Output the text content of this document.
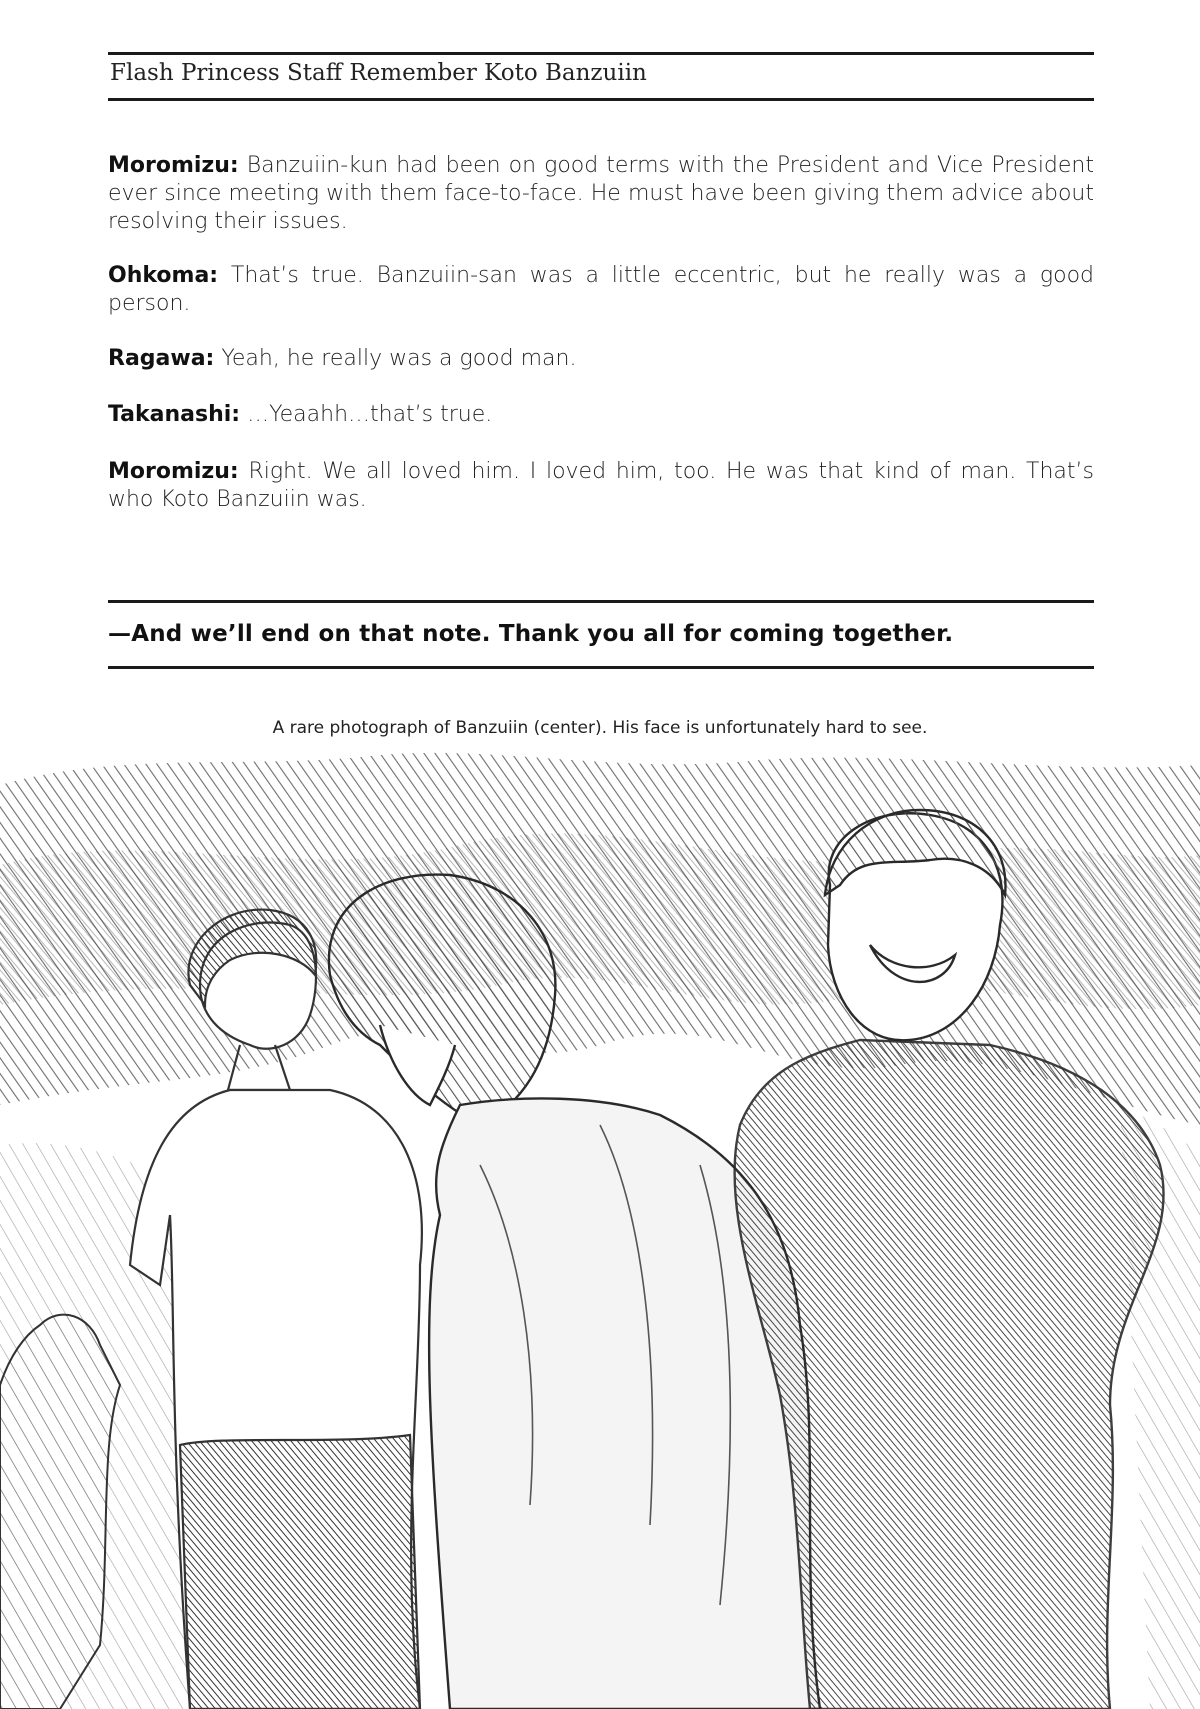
Flash Princess Staff Remember Koto Banzuiin
Moromizu: Banzuiin-kun had been on good terms with the President and Vice President ever since meeting with them face-to-face. He must have been giving them advice about resolving their issues.
Ohkoma: That’s true. Banzuiin-san was a little eccentric, but he really was a good person.
Ragawa: Yeah, he really was a good man.
Takanashi: …Yeaahh…that’s true.
Moromizu: Right. We all loved him. I loved him, too. He was that kind of man. That’s who Koto Banzuiin was.
—And we’ll end on that note. Thank you all for coming together.
A rare photograph of Banzuiin (center). His face is unfortunately hard to see.
